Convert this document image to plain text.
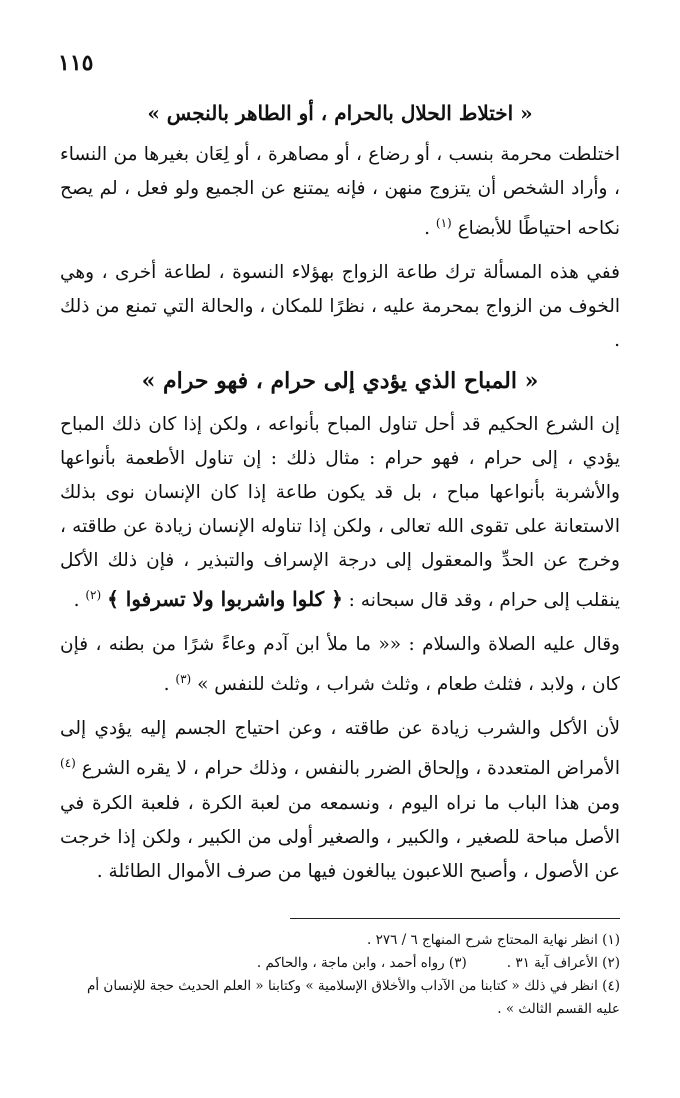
١١٥
« اختلاط الحلال بالحرام ، أو الطاهر بالنجس »

اختلطت محرمة بنسب ، أو رضاع ، أو مصاهرة ، أو لِعَان بغيرها من النساء ، وأراد الشخص أن يتزوج منهن ، فإنه يمتنع عن الجميع ولو فعل ، لم يصح نكاحه احتياطًا للأبضاع $^{(١)}$ .

ففي هذه المسألة ترك طاعة الزواج بهؤلاء النسوة ، لطاعة أخرى ، وهي الخوف من الزواج بمحرمة عليه ، نظرًا للمكان ، والحالة التي تمنع من ذلك .

« المباح الذي يؤدي إلى حرام ، فهو حرام »

إن الشرع الحكيم قد أحل تناول المباح بأنواعه ، ولكن إذا كان ذلك المباح يؤدي ، إلى حرام ، فهو حرام : مثال ذلك : إن تناول الأطعمة بأنواعها والأشربة بأنواعها مباح ، بل قد يكون طاعة إذا كان الإنسان نوى بذلك الاستعانة على تقوى الله تعالى ، ولكن إذا تناوله الإنسان زيادة عن طاقته ، وخرج عن الحدِّ والمعقول إلى درجة الإسراف والتبذير ، فإن ذلك الأكل ينقلب إلى حرام ، وقد قال سبحانه : ﴿ كلوا واشربوا ولا تسرفوا ﴾ $^{(٢)}$ .

وقال عليه الصلاة والسلام : «« ما ملأ ابن آدم وعاءً شرًا من بطنه ، فإن كان ، ولابد ، فثلث طعام ، وثلث شراب ، وثلث للنفس » $^{(٣)}$ .

لأن الأكل والشرب زيادة عن طاقته ، وعن احتياج الجسم إليه يؤدي إلى الأمراض المتعددة ، وإلحاق الضرر بالنفس ، وذلك حرام ، لا يقره الشرع $^{(٤)}$ ومن هذا الباب ما نراه اليوم ، ونسمعه من لعبة الكرة ، فلعبة الكرة في الأصل مباحة للصغير ، والكبير ، والصغير أولى من الكبير ، ولكن إذا خرجت عن الأصول ، وأصبح اللاعبون يبالغون فيها من صرف الأموال الطائلة .

(١) انظر نهاية المحتاج شرح المنهاج ٦ / ٢٧٦ .

(٢) الأعراف آية ٣١ .

(٣) رواه أحمد ، وابن ماجة ، والحاكم .

(٤) انظر في ذلك « كتابنا من الآداب والأخلاق الإسلامية » وكتابنا « العلم الحديث حجة للإنسان أم عليه القسم الثالث » .
